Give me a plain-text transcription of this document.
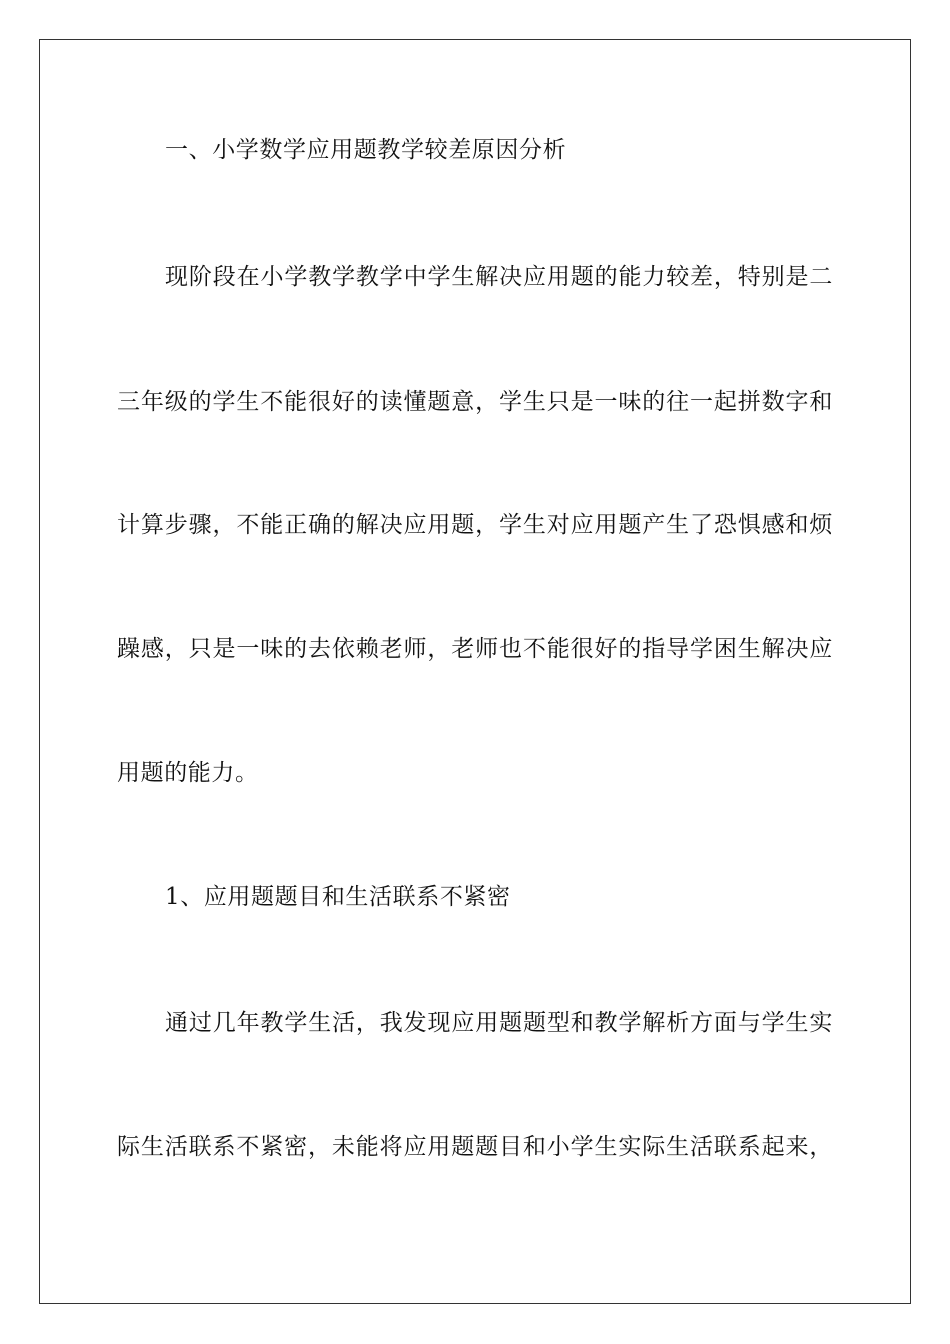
一、小学数学应用题教学较差原因分析
现阶段在小学教学教学中学生解决应用题的能力较差，特别是二
三年级的学生不能很好的读懂题意，学生只是一味的往一起拼数字和
计算步骤，不能正确的解决应用题，学生对应用题产生了恐惧感和烦
躁感，只是一味的去依赖老师，老师也不能很好的指导学困生解决应
用题的能力。
1、应用题题目和生活联系不紧密
通过几年教学生活，我发现应用题题型和教学解析方面与学生实
际生活联系不紧密，未能将应用题题目和小学生实际生活联系起来，
